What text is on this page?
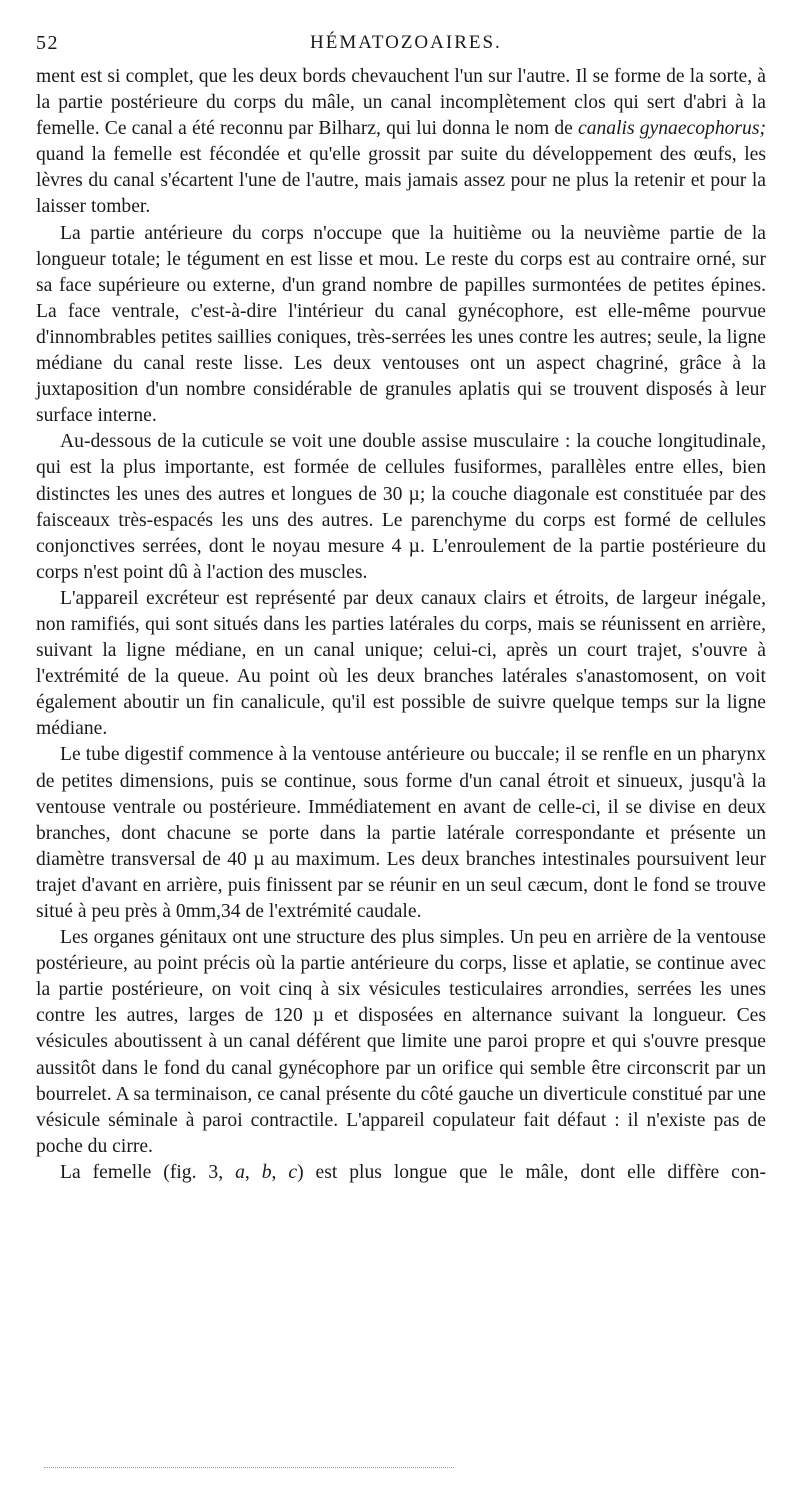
52	HÉMATOZOAIRES.

ment est si complet, que les deux bords chevauchent l'un sur l'autre. Il se forme de la sorte, à la partie postérieure du corps du mâle, un canal incomplètement clos qui sert d'abri à la femelle. Ce canal a été reconnu par Bilharz, qui lui donna le nom de canalis gynaecophorus; quand la femelle est fécondée et qu'elle grossit par suite du développement des œufs, les lèvres du canal s'écartent l'une de l'autre, mais jamais assez pour ne plus la retenir et pour la laisser tomber.

La partie antérieure du corps n'occupe que la huitième ou la neuvième partie de la longueur totale; le tégument en est lisse et mou. Le reste du corps est au contraire orné, sur sa face supérieure ou externe, d'un grand nombre de papilles surmontées de petites épines. La face ventrale, c'est-à-dire l'intérieur du canal gynécophore, est elle-même pourvue d'innombrables petites saillies coniques, très-serrées les unes contre les autres; seule, la ligne médiane du canal reste lisse. Les deux ventouses ont un aspect chagriné, grâce à la juxtaposition d'un nombre considérable de granules aplatis qui se trouvent disposés à leur surface interne.

Au-dessous de la cuticule se voit une double assise musculaire : la couche longitudinale, qui est la plus importante, est formée de cellules fusiformes, parallèles entre elles, bien distinctes les unes des autres et longues de 30 µ; la couche diagonale est constituée par des faisceaux très-espacés les uns des autres. Le parenchyme du corps est formé de cellules conjonctives serrées, dont le noyau mesure 4 µ. L'enroulement de la partie postérieure du corps n'est point dû à l'action des muscles.

L'appareil excréteur est représenté par deux canaux clairs et étroits, de largeur inégale, non ramifiés, qui sont situés dans les parties latérales du corps, mais se réunissent en arrière, suivant la ligne médiane, en un canal unique; celui-ci, après un court trajet, s'ouvre à l'extrémité de la queue. Au point où les deux branches latérales s'anastomosent, on voit également aboutir un fin canalicule, qu'il est possible de suivre quelque temps sur la ligne médiane.

Le tube digestif commence à la ventouse antérieure ou buccale; il se renfle en un pharynx de petites dimensions, puis se continue, sous forme d'un canal étroit et sinueux, jusqu'à la ventouse ventrale ou postérieure. Immédiatement en avant de celle-ci, il se divise en deux branches, dont chacune se porte dans la partie latérale correspondante et présente un diamètre transversal de 40 µ au maximum. Les deux branches intestinales poursuivent leur trajet d'avant en arrière, puis finissent par se réunir en un seul cæcum, dont le fond se trouve situé à peu près à 0mm,34 de l'extrémité caudale.

Les organes génitaux ont une structure des plus simples. Un peu en arrière de la ventouse postérieure, au point précis où la partie antérieure du corps, lisse et aplatie, se continue avec la partie postérieure, on voit cinq à six vésicules testiculaires arrondies, serrées les unes contre les autres, larges de 120 µ et disposées en alternance suivant la longueur. Ces vésicules aboutissent à un canal déférent que limite une paroi propre et qui s'ouvre presque aussitôt dans le fond du canal gynécophore par un orifice qui semble être circonscrit par un bourrelet. A sa terminaison, ce canal présente du côté gauche un diverticule constitué par une vésicule séminale à paroi contractile. L'appareil copulateur fait défaut : il n'existe pas de poche du cirre.

La femelle (fig. 3, a, b, c) est plus longue que le mâle, dont elle diffère con-
